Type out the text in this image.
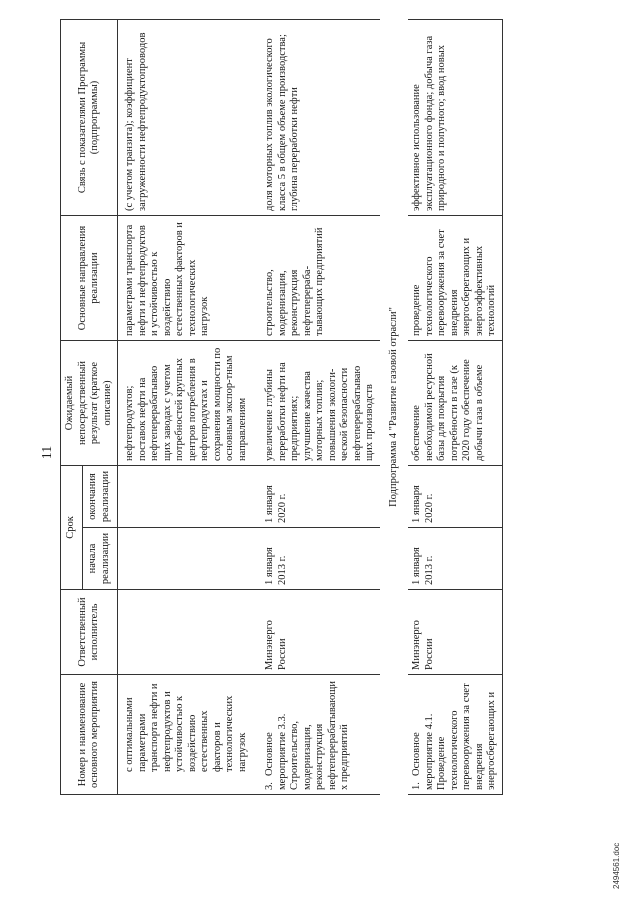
11
Номер и наименование основного мероприятия	Ответственный исполнитель	Срок		Ожидаемый непосредственный результат (краткое описание)	Основные направления реализации	Связь с показателями Программы (подпрограммы)
		начала реализации	окончания реализации			
с оптимальными параметрами транспорта нефти и нефтепродуктов и устойчивостью к воздействию естественных факторов и технологических нагрузок				нефтепродуктов; поставок нефти на нефтеперерабатываю щих заводах с учетом потребностей крупных центров потребления в нефтепродуктах и сохранения мощности по основным экспор-тным направлениям	параметрами транспорта нефти и нефтепродуктов и устойчивостью к воздействию естественных факторов и технологических нагрузок	(с учетом транзита); коэффициент загруженности нефтепродуктопроводов
3.Основное мероприятие 3.3. Строительство, модернизация, реконструкция нефтеперерабатывающи х предприятий	Минэнерго России	1 января 2013 г.	1 января 2020 г.	увеличение глубины переработки нефти на предприятиях; улучшение качества моторных топлив; повышения экологи-ческой безопасности нефтеперерабатываю щих производств	строительство, модернизация, реконструкция нефтеперераба-тывающих предприятий	доля моторных топлив экологического класса 5 в общем объеме производства; глубина переработки нефти
Подпрограмма 4 "Развитие газовой отрасли"						
1.Основное мероприятие 4.1. Проведение технологического перевооружения за счет внедрения энергосберегающих и	Минэнерго России	1 января 2013 г.	1 января 2020 г.	обеспечение необходимой ресурсной базы для покрытия потребности в газе (к 2020 году обеспечение добычи газа в объеме	проведение технологического перевооружения за счет внедрения энергосберегающих и энергоэффективных технологий	эффективное использование эксплуатационного фонда; добыча газа природного и попутного; ввод новых
2494561.doc
